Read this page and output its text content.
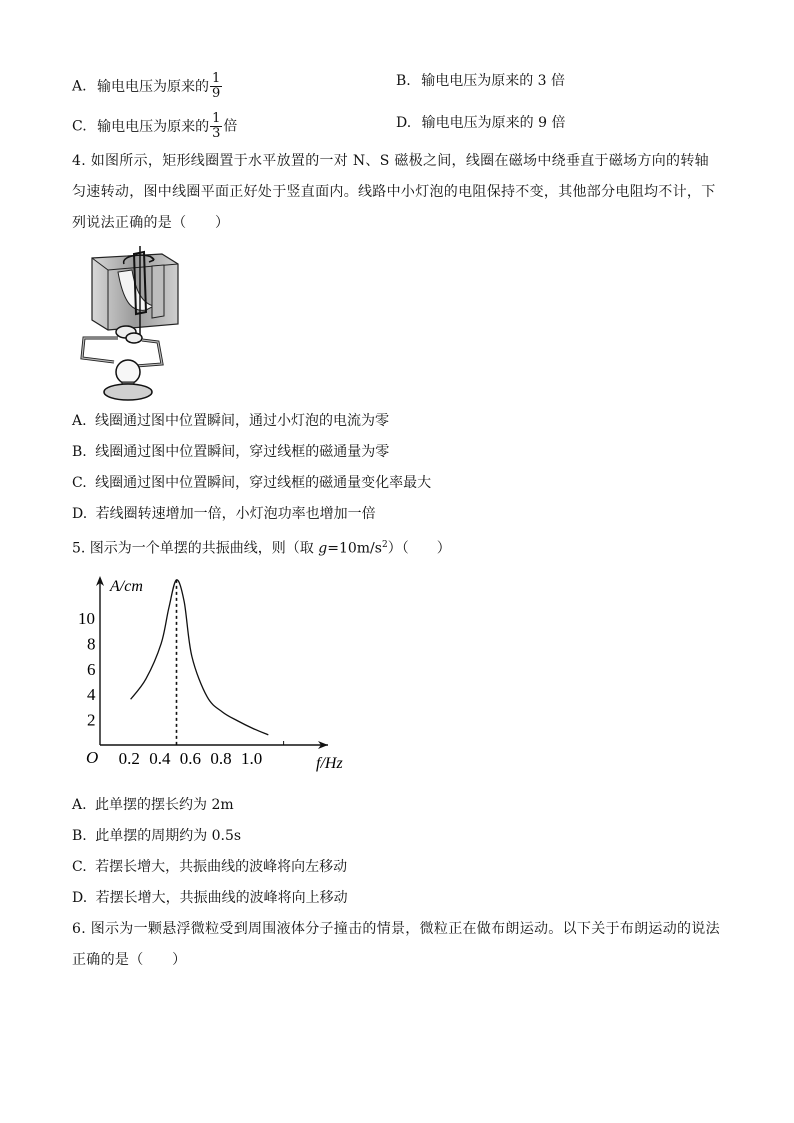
A. 输电电压为原来的 $\frac{1}{9}$	B. 输电电压为原来的 3 倍
C. 输电电压为原来的 $\frac{1}{3}$ 倍	D. 输电电压为原来的 9 倍
4. 如图所示，矩形线圈置于水平放置的一对 N、S 磁极之间，线圈在磁场中绕垂直于磁场方向的转轴匀速转动，图中线圈平面正好处于竖直面内。线路中小灯泡的电阻保持不变，其他部分电阻均不计，下列说法正确的是（　　）
A. 线圈通过图中位置瞬间，通过小灯泡的电流为零
B. 线圈通过图中位置瞬间，穿过线框的磁通量为零
C. 线圈通过图中位置瞬间，穿过线框的磁通量变化率最大
D. 若线圈转速增加一倍，小灯泡功率也增加一倍
5. 图示为一个单摆的共振曲线，则（取 $g=10m/s^2$）（　　）
A/cm
f/Hz
O 0.2 0.4 0.6 0.8 1.0
2
4
6
8
10
A. 此单摆的摆长约为 2m
B. 此单摆的周期约为 0.5s
C. 若摆长增大，共振曲线的波峰将向左移动
D. 若摆长增大，共振曲线的波峰将向上移动
6. 图示为一颗悬浮微粒受到周围液体分子撞击的情景，微粒正在做布朗运动。以下关于布朗运动的说法正确的是（　　）
